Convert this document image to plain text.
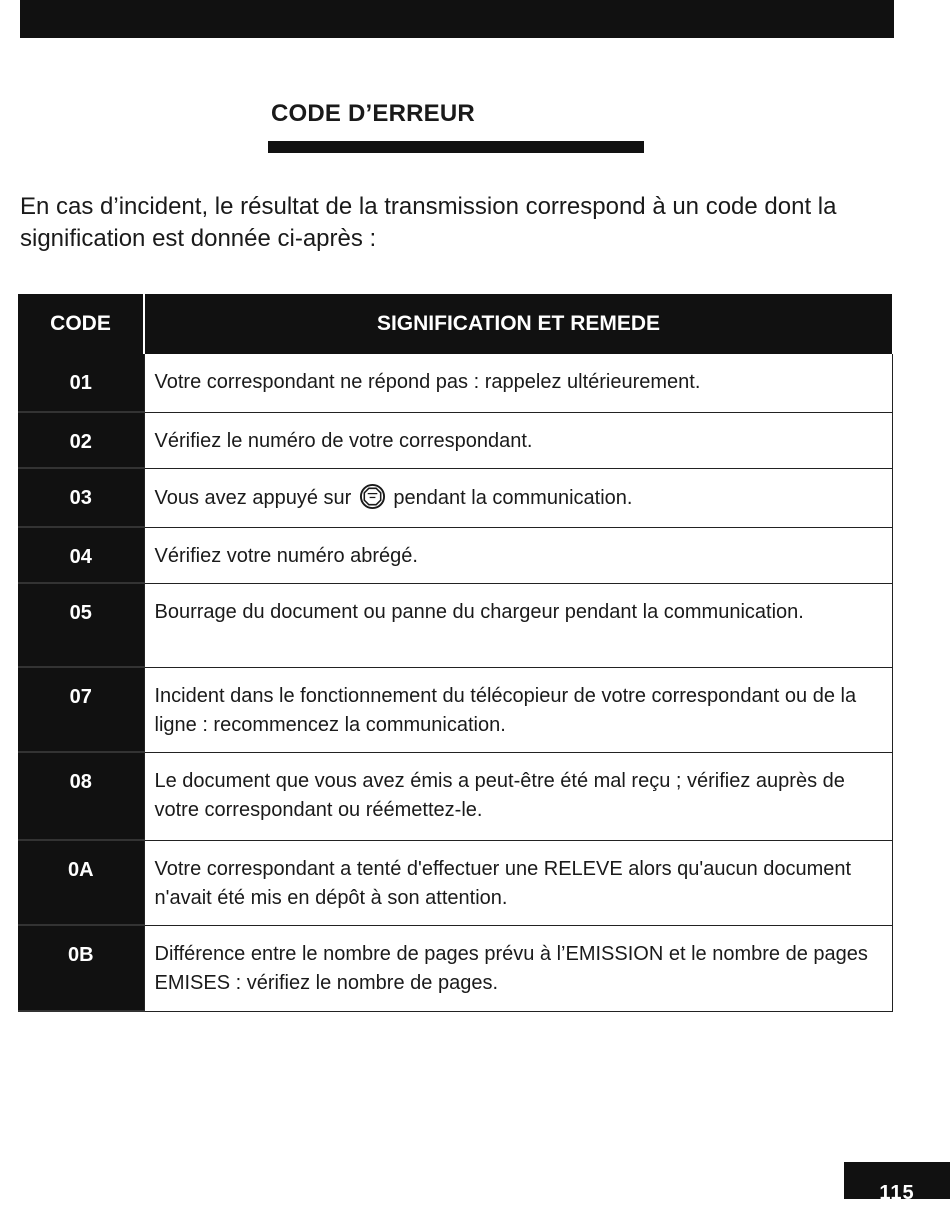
CODE D’ERREUR

En cas d’incident, le résultat de la transmission correspond à un code dont la signification est donnée ci-après :

CODE	SIGNIFICATION ET REMEDE
01	Votre correspondant ne répond pas : rappelez ultérieurement.
02	Vérifiez le numéro de votre correspondant.
03	Vous avez appuyé sur pendant la communication.
04	Vérifiez votre numéro abrégé.
05	Bourrage du document ou panne du chargeur pendant la communication.
07	Incident dans le fonctionnement du télécopieur de votre correspondant ou de la ligne : recommencez la communication.
08	Le document que vous avez émis a peut-être été mal reçu ; vérifiez auprès de votre correspondant ou réémettez-le.
0A	Votre correspondant a tenté d'effectuer une RELEVE alors qu'aucun document n'avait été mis en dépôt à son attention.
0B	Différence entre le nombre de pages prévu à l’EMISSION et le nombre de pages EMISES : vérifiez le nombre de pages.
115
